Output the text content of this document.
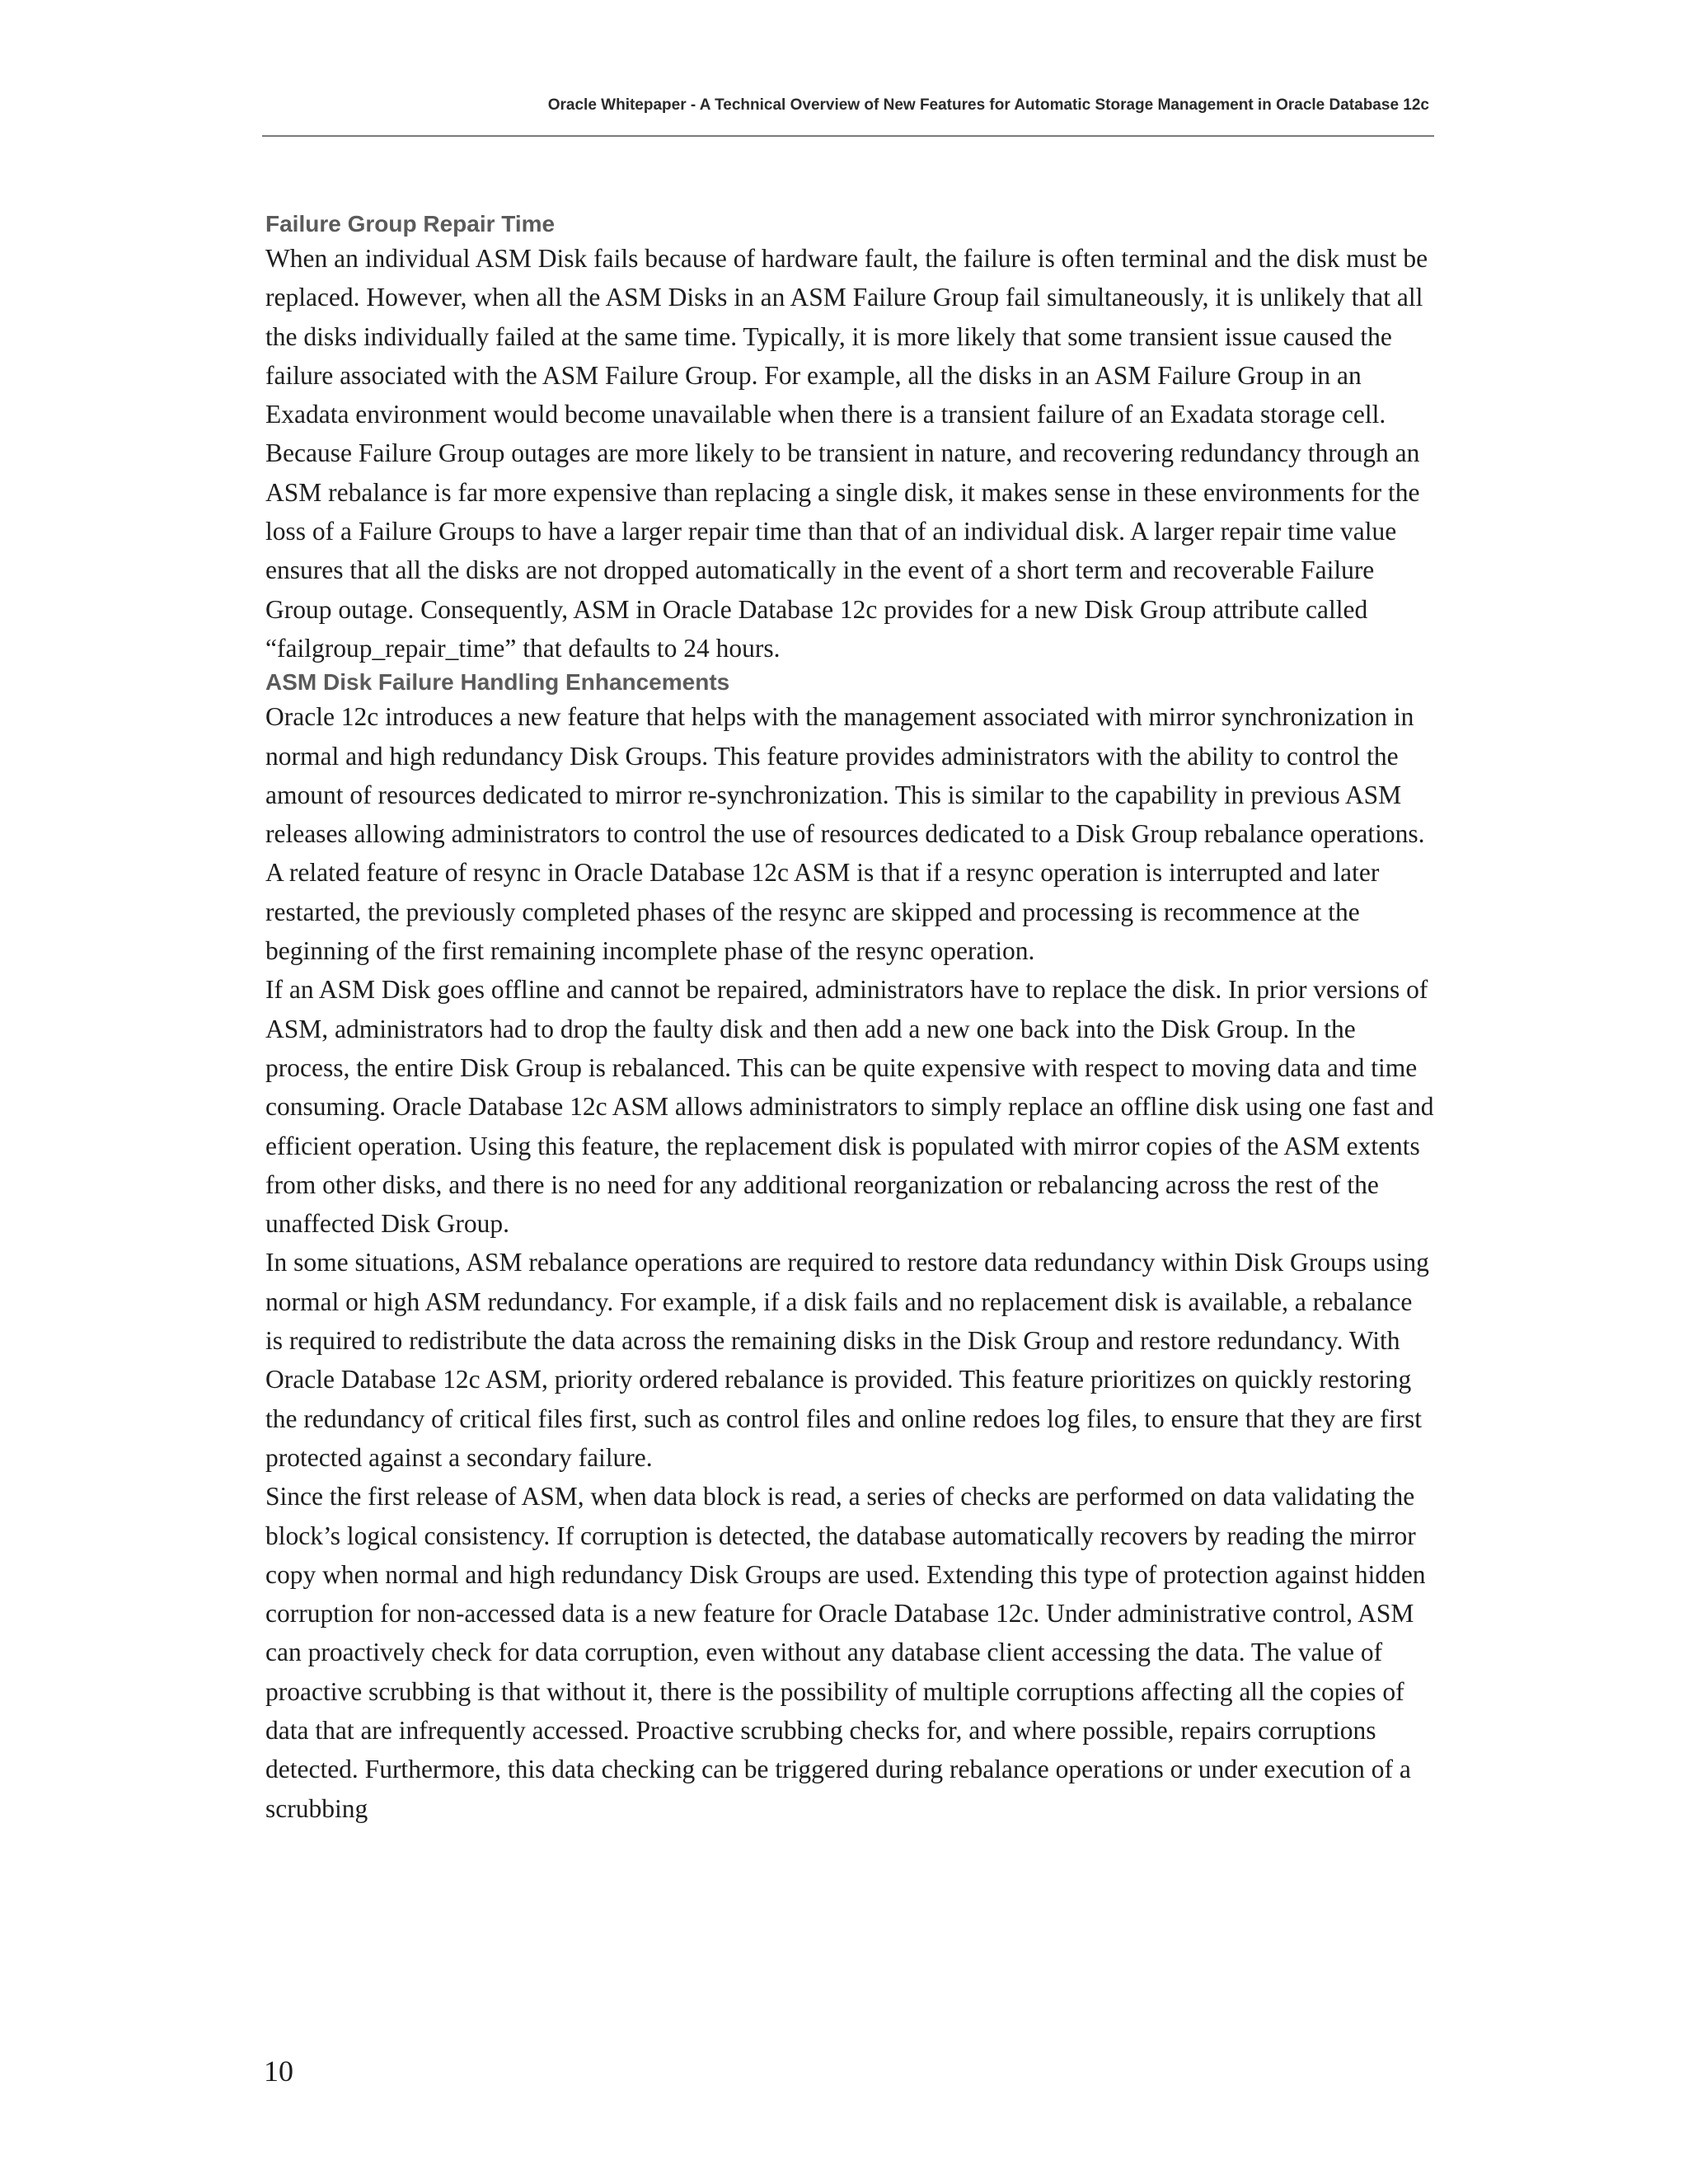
Oracle Whitepaper - A Technical Overview of New Features for Automatic Storage Management in Oracle Database 12c
Failure Group Repair Time

When an individual ASM Disk fails because of hardware fault, the failure is often terminal and the disk must be replaced. However, when all the ASM Disks in an ASM Failure Group fail simultaneously, it is unlikely that all the disks individually failed at the same time. Typically, it is more likely that some transient issue caused the failure associated with the ASM Failure Group. For example, all the disks in an ASM Failure Group in an Exadata environment would become unavailable when there is a transient failure of an Exadata storage cell. Because Failure Group outages are more likely to be transient in nature, and recovering redundancy through an ASM rebalance is far more expensive than replacing a single disk, it makes sense in these environments for the loss of a Failure Groups to have a larger repair time than that of an individual disk. A larger repair time value ensures that all the disks are not dropped automatically in the event of a short term and recoverable Failure Group outage. Consequently, ASM in Oracle Database 12c provides for a new Disk Group attribute called “failgroup_repair_time” that defaults to 24 hours.

ASM Disk Failure Handling Enhancements

Oracle 12c introduces a new feature that helps with the management associated with mirror synchronization in normal and high redundancy Disk Groups. This feature provides administrators with the ability to control the amount of resources dedicated to mirror re-synchronization. This is similar to the capability in previous ASM releases allowing administrators to control the use of resources dedicated to a Disk Group rebalance operations.

A related feature of resync in Oracle Database 12c ASM is that if a resync operation is interrupted and later restarted, the previously completed phases of the resync are skipped and processing is recommence at the beginning of the first remaining incomplete phase of the resync operation.

If an ASM Disk goes offline and cannot be repaired, administrators have to replace the disk. In prior versions of ASM, administrators had to drop the faulty disk and then add a new one back into the Disk Group. In the process, the entire Disk Group is rebalanced. This can be quite expensive with respect to moving data and time consuming. Oracle Database 12c ASM allows administrators to simply replace an offline disk using one fast and efficient operation. Using this feature, the replacement disk is populated with mirror copies of the ASM extents from other disks, and there is no need for any additional reorganization or rebalancing across the rest of the unaffected Disk Group.

In some situations, ASM rebalance operations are required to restore data redundancy within Disk Groups using normal or high ASM redundancy. For example, if a disk fails and no replacement disk is available, a rebalance is required to redistribute the data across the remaining disks in the Disk Group and restore redundancy. With Oracle Database 12c ASM, priority ordered rebalance is provided. This feature prioritizes on quickly restoring the redundancy of critical files first, such as control files and online redoes log files, to ensure that they are first protected against a secondary failure.

Since the first release of ASM, when data block is read, a series of checks are performed on data validating the block’s logical consistency. If corruption is detected, the database automatically recovers by reading the mirror copy when normal and high redundancy Disk Groups are used. Extending this type of protection against hidden corruption for non-accessed data is a new feature for Oracle Database 12c. Under administrative control, ASM can proactively check for data corruption, even without any database client accessing the data. The value of proactive scrubbing is that without it, there is the possibility of multiple corruptions affecting all the copies of data that are infrequently accessed. Proactive scrubbing checks for, and where possible, repairs corruptions detected. Furthermore, this data checking can be triggered during rebalance operations or under execution of a scrubbing

10
